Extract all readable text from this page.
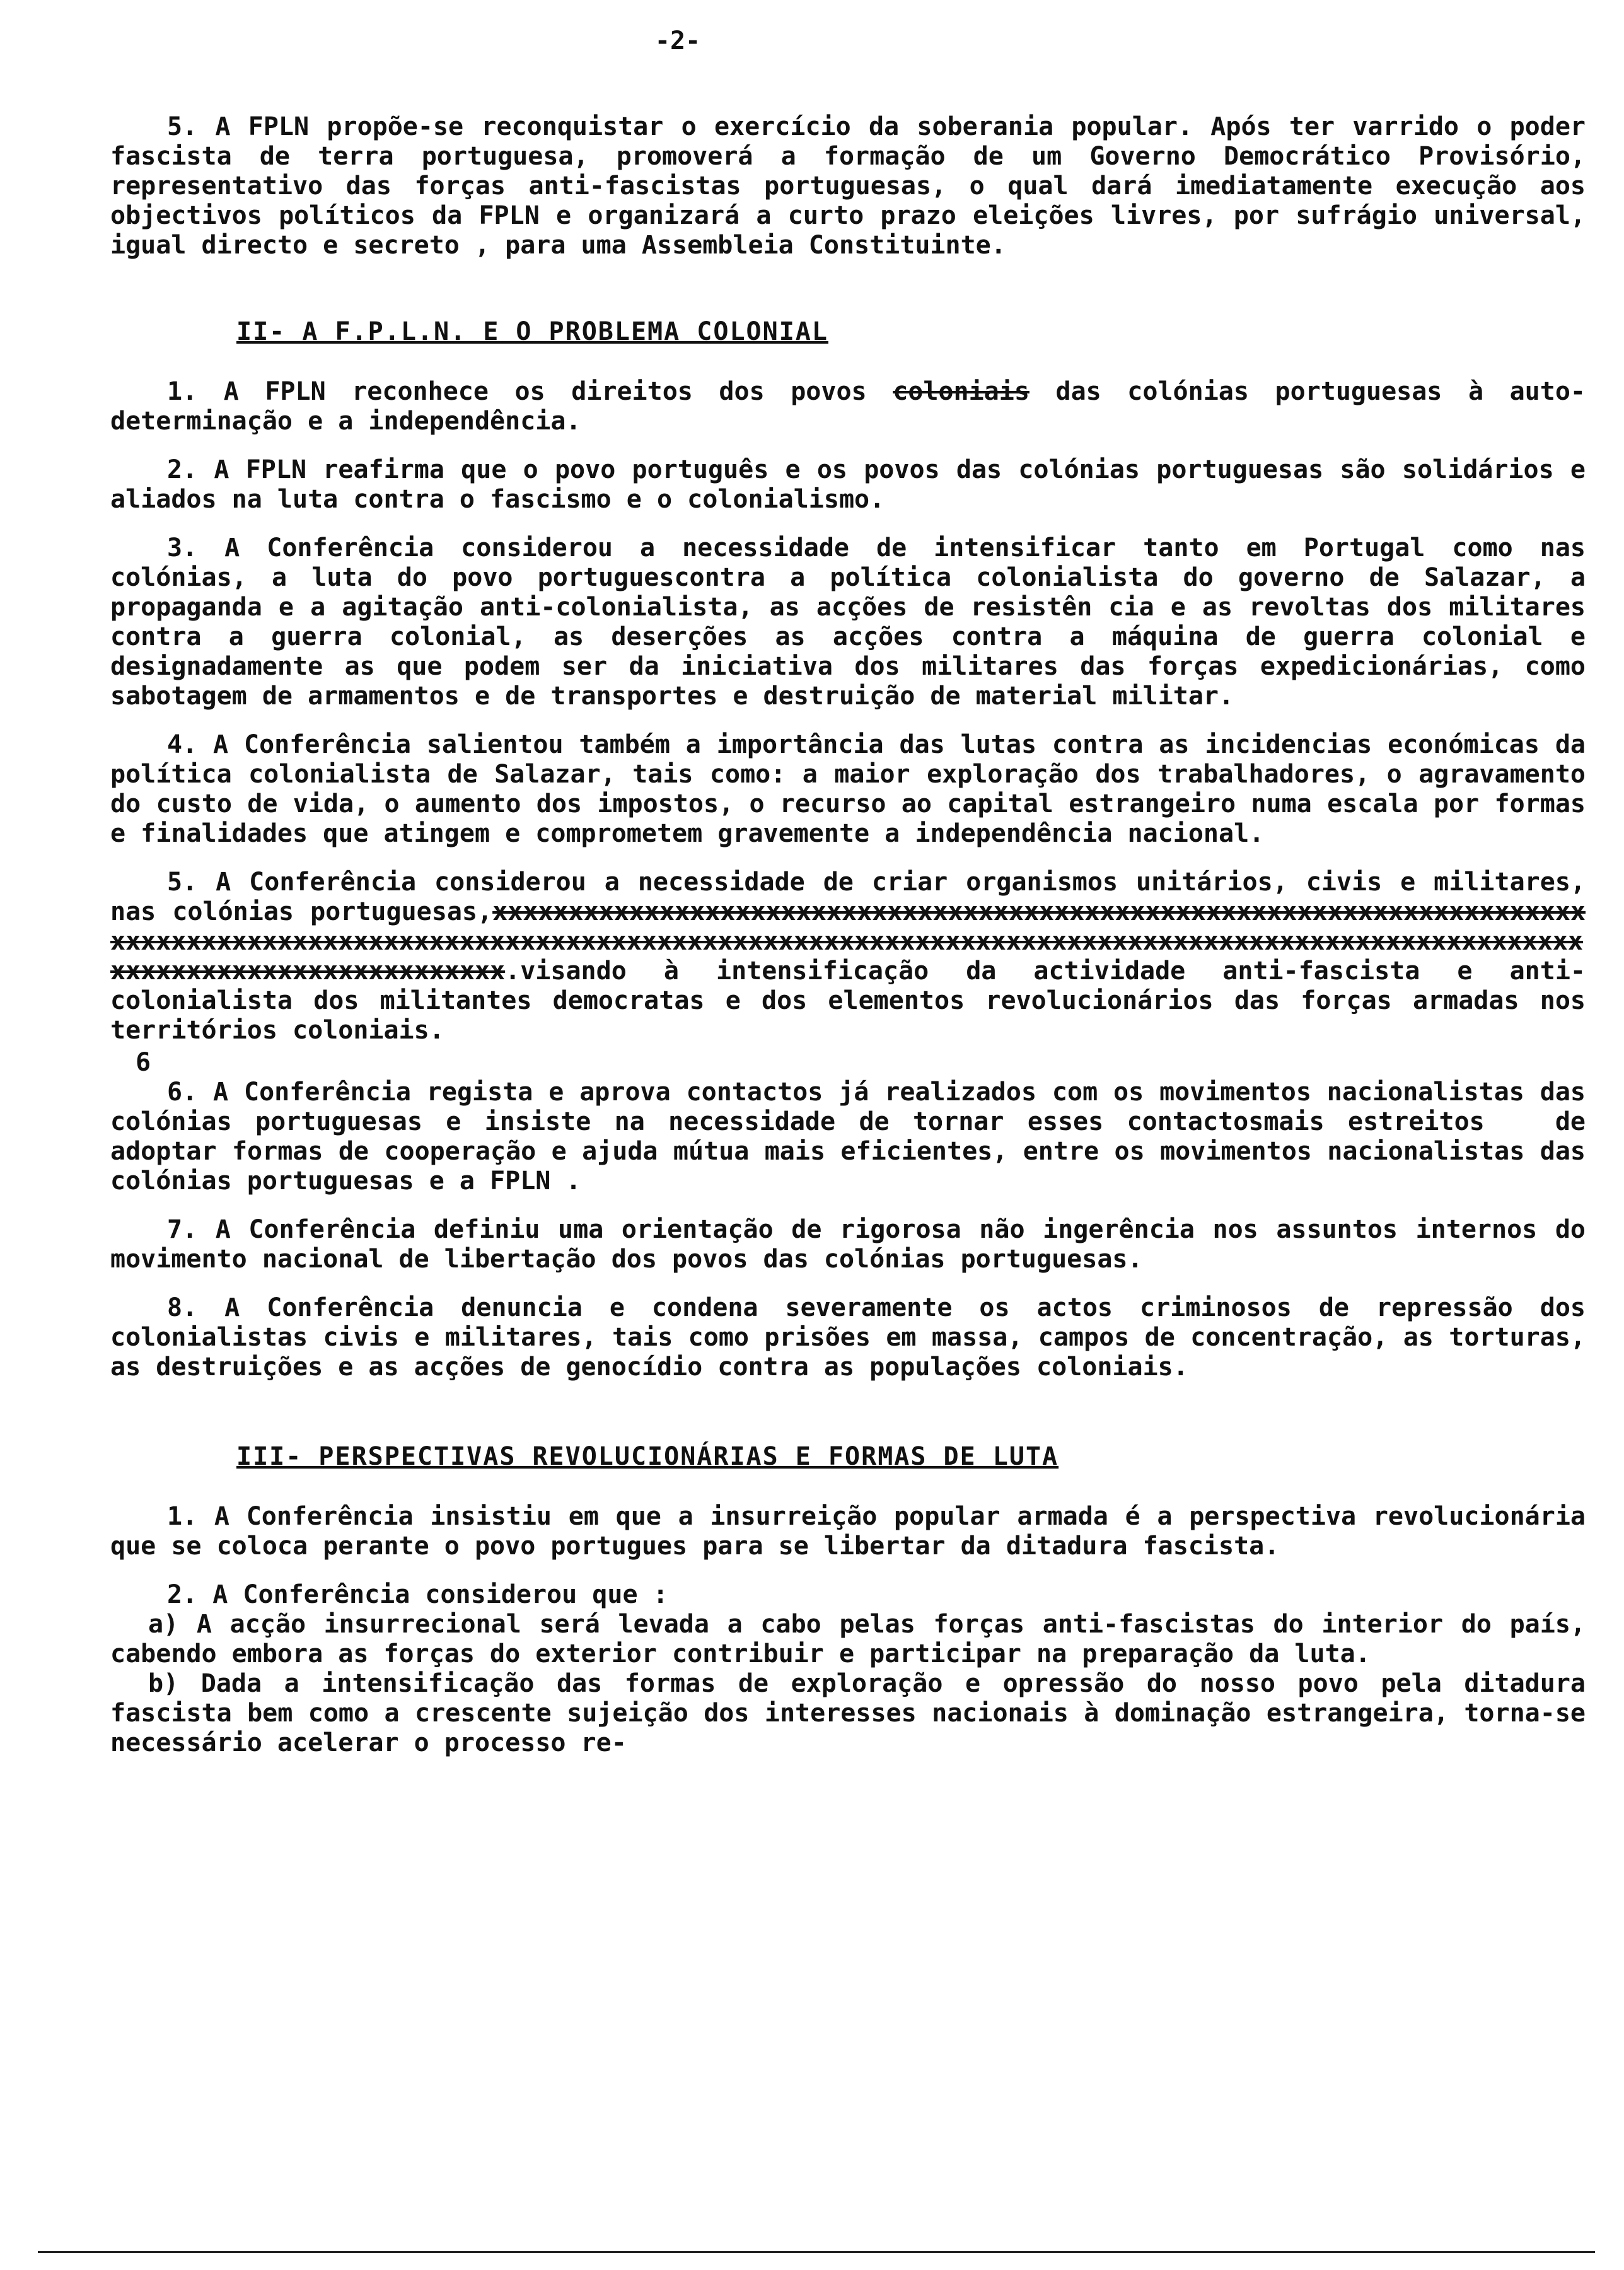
-2-

5. A FPLN propõe-se reconquistar o exercício da soberania popular. Após ter varrido o poder fascista de terra portuguesa, promoverá a formação de um Governo Democrático Provisório, representativo das forças anti-fascistas portuguesas, o qual dará imediatamente execução aos objectivos políticos da FPLN e organizará a curto prazo eleições livres, por sufrágio universal, igual directo e secreto , para uma Assembleia Constituinte.

II- A F.P.L.N. E O PROBLEMA COLONIAL

1. A FPLN reconhece os direitos dos povos coloniais das colónias portuguesas à auto-determinação e a independência.

2. A FPLN reafirma que o povo português e os povos das colónias portuguesas são solidários e aliados na luta contra o fascismo e o colonialismo.

3. A Conferência considerou a necessidade de intensificar tanto em Portugal como nas colónias, a luta do povo portuguescontra a política colonialista do governo de Salazar, a propaganda e a agitação anti-colonialista, as acções de resistên cia e as revoltas dos militares contra a guerra colonial, as deserções as acções contra a máquina de guerra colonial e designadamente as que podem ser da iniciativa dos militares das forças expedicionárias, como sabotagem de armamentos e de transportes e destruição de material militar.

4. A Conferência salientou também a importância das lutas contra as incidencias económicas da política colonialista de Salazar, tais como: a maior exploração dos trabalhadores, o agravamento do custo de vida, o aumento dos impostos, o recurso ao capital estrangeiro numa escala por formas e finalidades que atingem e comprometem gravemente a independência nacional.

5. A Conferência considerou a necessidade de criar organismos unitários, civis e militares, nas colónias portuguesas,xxxxxxxxxxxxxxxxxxxxxxxxxxxxxxxxxxxxxxxxxxxxxxxxxxxxxxxxxxxxxxxxxxxxxxxxxxxxxxxxxxxxxxxxxxxxxxxxxxxxxxxxxxxxxxxxxxxxxxxxxxxxxxxxxxxxxxxxxxxxxxxxxxxxxxxxxxxxxxxxxxxxxxxxxxxxxxxxxxxxxxxxxxxxxxxxxxx.visando à intensificação da actividade anti-fascista e anti-colonialista dos militantes democratas e dos elementos revolucionários das forças armadas nos territórios coloniais.

6

6. A Conferência regista e aprova contactos já realizados com os movimentos nacionalistas das colónias portuguesas e insiste na necessidade de tornar esses contactosmais estreitos   de adoptar formas de cooperação e ajuda mútua mais eficientes, entre os movimentos nacionalistas das colónias portuguesas e a FPLN .

7. A Conferência definiu uma orientação de rigorosa não ingerência nos assuntos internos do movimento nacional de libertação dos povos das colónias portuguesas.

8. A Conferência denuncia e condena severamente os actos criminosos de repressão dos colonialistas civis e militares, tais como prisões em massa, campos de concentração, as torturas, as destruições e as acções de genocídio contra as populações coloniais.

III- PERSPECTIVAS REVOLUCIONÁRIAS E FORMAS DE LUTA

1. A Conferência insistiu em que a insurreição popular armada é a perspectiva revolucionária que se coloca perante o povo portugues para se libertar da ditadura fascista.

2. A Conferência considerou que :

a) A acção insurrecional será levada a cabo pelas forças anti-fascistas do interior do país, cabendo embora as forças do exterior contribuir e participar na preparação da luta.

b) Dada a intensificação das formas de exploração e opressão do nosso povo pela ditadura fascista bem como a crescente sujeição dos interesses nacionais à dominação estrangeira, torna-se necessário acelerar o processo re-
